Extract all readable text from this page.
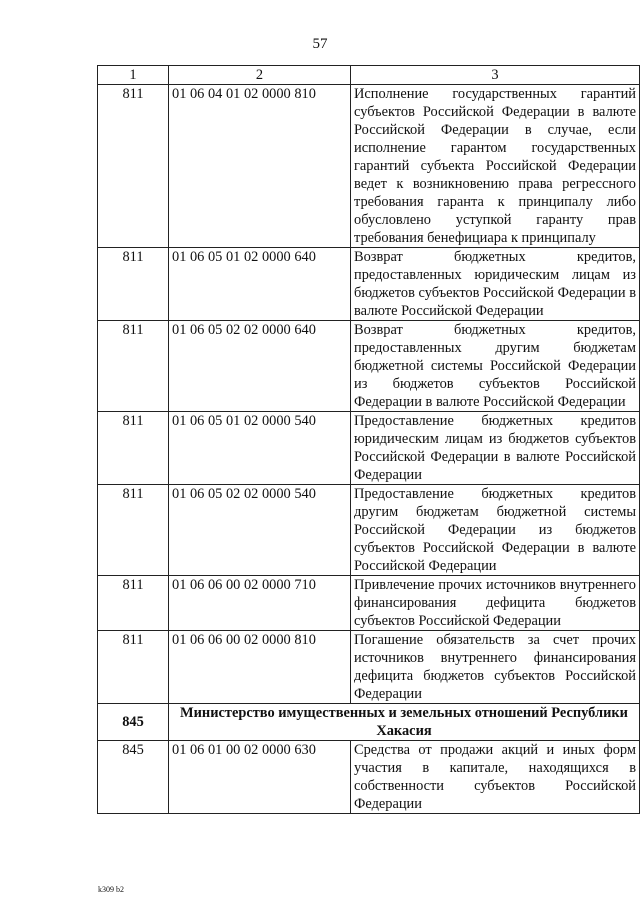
57
1	2	3
811	01 06 04 01 02 0000 810	Исполнение государственных гарантий субъектов Российской Федерации в валюте Российской Федерации в случае, если исполнение гарантом государственных гарантий субъекта Российской Федерации ведет к возникновению права регрессного требования гаранта к принципалу либо обусловлено уступкой гаранту прав требования бенефициара к принципалу
811	01 06 05 01 02 0000 640	Возврат бюджетных кредитов, предоставленных юридическим лицам из бюджетов субъектов Российской Федерации в валюте Российской Федерации
811	01 06 05 02 02 0000 640	Возврат бюджетных кредитов, предоставленных другим бюджетам бюджетной системы Российской Федерации из бюджетов субъектов Российской Федерации в валюте Российской Федерации
811	01 06 05 01 02 0000 540	Предоставление бюджетных кредитов юридическим лицам из бюджетов субъектов Российской Федерации в валюте Российской Федерации
811	01 06 05 02 02 0000 540	Предоставление бюджетных кредитов другим бюджетам бюджетной системы Российской Федерации из бюджетов субъектов Российской Федерации в валюте Российской Федерации
811	01 06 06 00 02 0000 710	Привлечение прочих источников внутреннего финансирования дефицита бюджетов субъектов Российской Федерации
811	01 06 06 00 02 0000 810	Погашение обязательств за счет прочих источников внутреннего финансирования дефицита бюджетов субъектов Российской Федерации
845	Министерство имущественных и земельных отношений Республики Хакасия	
845	01 06 01 00 02 0000 630	Средства от продажи акций и иных форм участия в капитале, находящихся в собственности субъектов Российской Федерации
k309 b2
